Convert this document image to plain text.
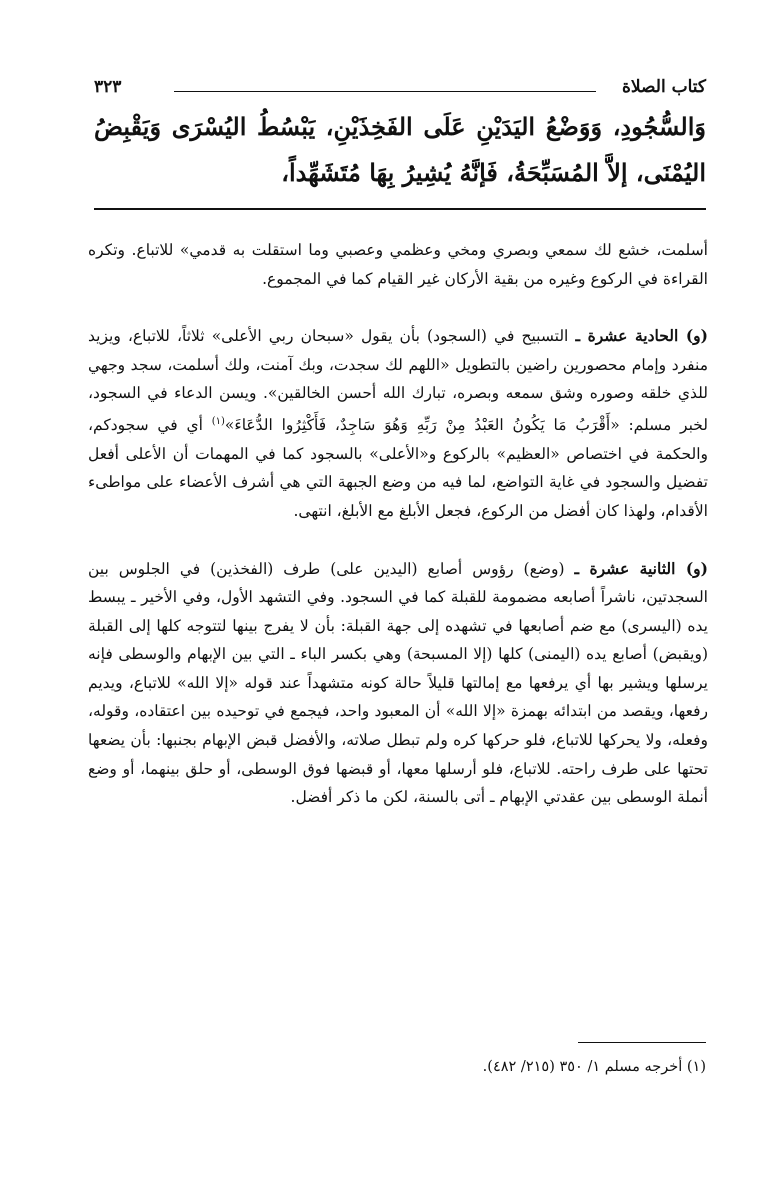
كتاب الصلاة
٣٢٣
وَالسُّجُودِ، وَوَضْعُ اليَدَيْنِ عَلَى الفَخِذَيْنِ، يَبْسُطُ اليُسْرَى وَيَقْبِضُ اليُمْنَى، إلاَّ المُسَبِّحَةُ، فَإنَّهُ يُشِيرُ بِهَا مُتَشَهِّداً،

أسلمت، خشع لك سمعي وبصري ومخي وعظمي وعصبي وما استقلت به قدمي» للاتباع. وتكره القراءة في الركوع وغيره من بقية الأركان غير القيام كما في المجموع.

(و) الحادية عشرة ـ التسبيح في (السجود) بأن يقول «سبحان ربي الأعلى» ثلاثاً، للاتباع، ويزيد منفرد وإمام محصورين راضين بالتطويل «اللهم لك سجدت، وبك آمنت، ولك أسلمت، سجد وجهي للذي خلقه وصوره وشق سمعه وبصره، تبارك الله أحسن الخالقين». ويسن الدعاء في السجود، لخبر مسلم: «أَقْرَبُ مَا يَكُونُ العَبْدُ مِنْ رَبِّهِ وَهُوَ سَاجِدٌ، فَأَكْثِرُوا الدُّعَاءَ»$^{(١)}$ أي في سجودكم، والحكمة في اختصاص «العظيم» بالركوع و«الأعلى» بالسجود كما في المهمات أن الأعلى أفعل تفضيل والسجود في غاية التواضع، لما فيه من وضع الجبهة التي هي أشرف الأعضاء على مواطىء الأقدام، ولهذا كان أفضل من الركوع، فجعل الأبلغ مع الأبلغ، انتهى.

(و) الثانية عشرة ـ (وضع) رؤوس أصابع (اليدين على) طرف (الفخذين) في الجلوس بين السجدتين، ناشراً أصابعه مضمومة للقبلة كما في السجود. وفي التشهد الأول، وفي الأخير ـ يبسط يده (اليسرى) مع ضم أصابعها في تشهده إلى جهة القبلة: بأن لا يفرج بينها لتتوجه كلها إلى القبلة (ويقبض) أصابع يده (اليمنى) كلها (إلا المسبحة) وهي بكسر الباء ـ التي بين الإبهام والوسطى فإنه يرسلها ويشير بها أي يرفعها مع إمالتها قليلاً حالة كونه متشهداً عند قوله «إلا الله» للاتباع، ويديم رفعها، ويقصد من ابتدائه بهمزة «إلا الله» أن المعبود واحد، فيجمع في توحيده بين اعتقاده، وقوله، وفعله، ولا يحركها للاتباع، فلو حركها كره ولم تبطل صلاته، والأفضل قبض الإبهام بجنبها: بأن يضعها تحتها على طرف راحته. للاتباع، فلو أرسلها معها، أو قبضها فوق الوسطى، أو حلق بينهما، أو وضع أنملة الوسطى بين عقدتي الإبهام ـ أتى بالسنة، لكن ما ذكر أفضل.

(١) أخرجه مسلم ١/ ٣٥٠ (٢١٥/ ٤٨٢).
